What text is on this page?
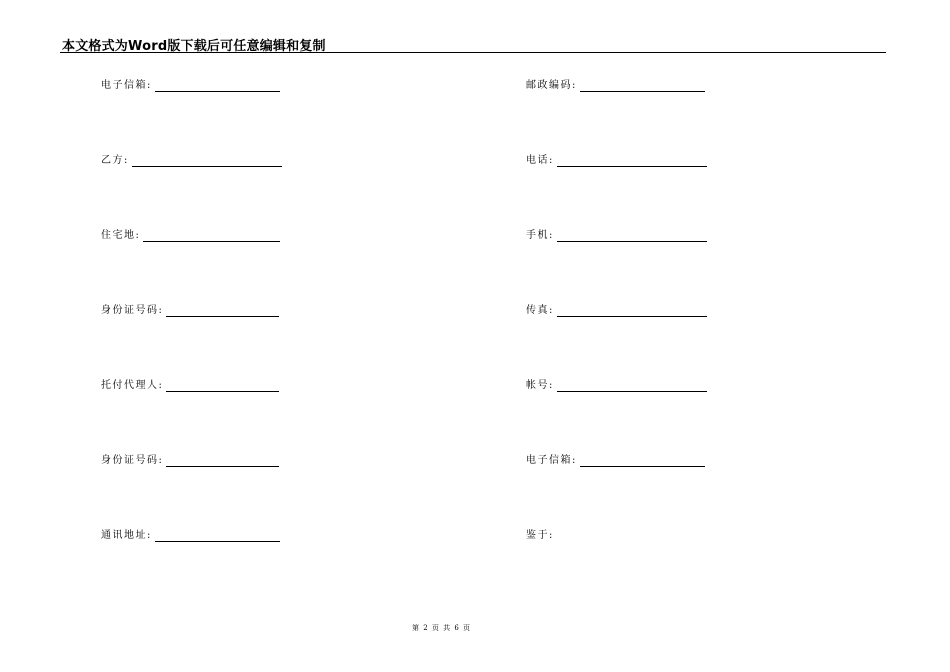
本文格式为Word版下载后可任意编辑和复制
电子信箱:
乙方:
住宅地:
身份证号码:
托付代理人:
身份证号码:
通讯地址:
邮政编码:
电话:
手机:
传真:
帐号:
电子信箱:
鉴于:
第 2 页 共 6 页
